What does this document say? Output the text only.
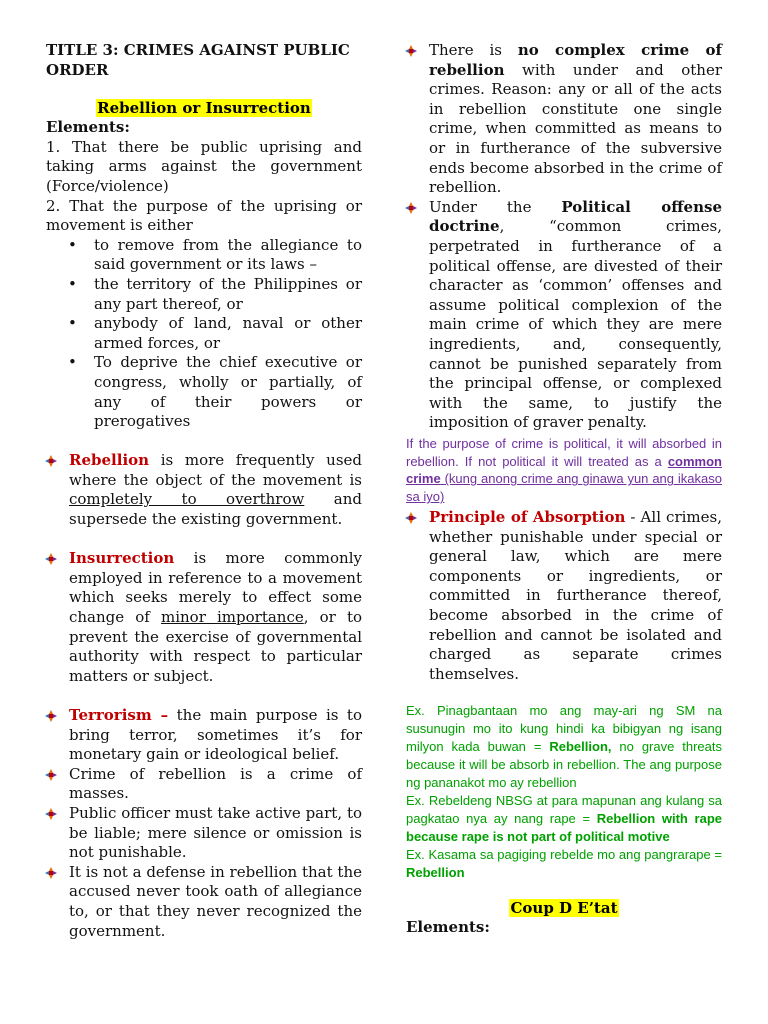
TITLE 3: CRIMES AGAINST PUBLIC ORDER
Rebellion or Insurrection
Elements:
1. That there be public uprising and taking arms against the government (Force/violence)
2. That the purpose of the uprising or movement is either
• to remove from the allegiance to said government or its laws –
• the territory of the Philippines or any part thereof, or
• anybody of land, naval or other armed forces, or
• To deprive the chief executive or congress, wholly or partially, of any of their powers or prerogatives
Rebellion is more frequently used where the object of the movement is completely to overthrow and supersede the existing government.
Insurrection is more commonly employed in reference to a movement which seeks merely to effect some change of minor importance, or to prevent the exercise of governmental authority with respect to particular matters or subject.
Terrorism – the main purpose is to bring terror, sometimes it’s for monetary gain or ideological belief.
Crime of rebellion is a crime of masses.
Public officer must take active part, to be liable; mere silence or omission is not punishable.
It is not a defense in rebellion that the accused never took oath of allegiance to, or that they never recognized the government.
There is no complex crime of rebellion with under and other crimes. Reason: any or all of the acts in rebellion constitute one single crime, when committed as means to or in furtherance of the subversive ends become absorbed in the crime of rebellion.
Under the Political offense doctrine, “common crimes, perpetrated in furtherance of a political offense, are divested of their character as ‘common’ offenses and assume political complexion of the main crime of which they are mere ingredients, and, consequently, cannot be punished separately from the principal offense, or complexed with the same, to justify the imposition of graver penalty.
If the purpose of crime is political, it will absorbed in rebellion. If not political it will treated as a common crime (kung anong crime ang ginawa yun ang ikakaso sa iyo)
Principle of Absorption - All crimes, whether punishable under special or general law, which are mere components or ingredients, or committed in furtherance thereof, become absorbed in the crime of rebellion and cannot be isolated and charged as separate crimes themselves.
Ex. Pinagbantaan mo ang may-ari ng SM na susunugin mo ito kung hindi ka bibigyan ng isang milyon kada buwan = Rebellion, no grave threats because it will be absorb in rebellion. The ang purpose ng pananakot mo ay rebellion
Ex. Rebeldeng NBSG at para mapunan ang kulang sa pagkatao nya ay nang rape = Rebellion with rape because rape is not part of political motive
Ex. Kasama sa pagiging rebelde mo ang pangrarape = Rebellion
Coup D E’tat
Elements:
